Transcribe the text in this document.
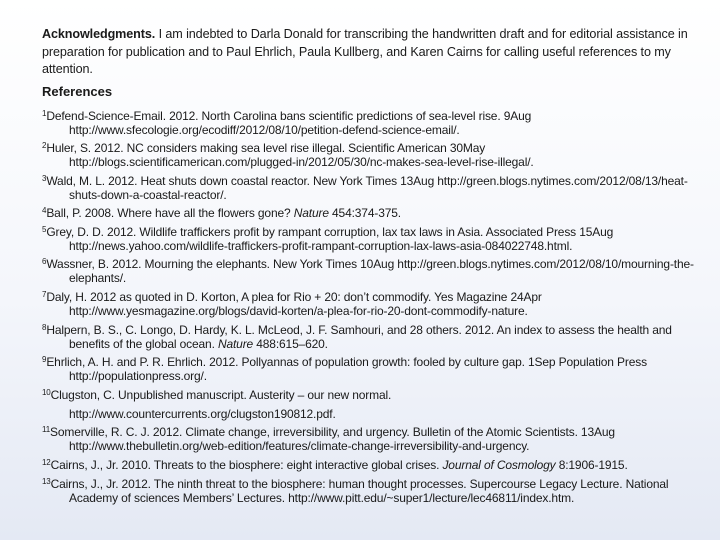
Acknowledgments. I am indebted to Darla Donald for transcribing the handwritten draft and for editorial assistance in preparation for publication and to Paul Ehrlich, Paula Kullberg, and Karen Cairns for calling useful references to my attention.

References

$^1$Defend-Science-Email. 2012. North Carolina bans scientific predictions of sea-level rise. 9Aug http://www.sfecologie.org/ecodiff/2012/08/10/petition-defend-science-email/.

$^2$Huler, S. 2012. NC considers making sea level rise illegal. Scientific American 30May http://blogs.scientificamerican.com/plugged-in/2012/05/30/nc-makes-sea-level-rise-illegal/.

$^3$Wald, M. L. 2012. Heat shuts down coastal reactor. New York Times 13Aug http://green.blogs.nytimes.com/2012/08/13/heat-shuts-down-a-coastal-reactor/.

$^4$Ball, P. 2008. Where have all the flowers gone? Nature 454:374-375.

$^5$Grey, D. D. 2012. Wildlife traffickers profit by rampant corruption, lax tax laws in Asia. Associated Press 15Aug http://news.yahoo.com/wildlife-traffickers-profit-rampant-corruption-lax-laws-asia-084022748.html.

$^6$Wassner, B. 2012. Mourning the elephants. New York Times 10Aug http://green.blogs.nytimes.com/2012/08/10/mourning-the-elephants/.

$^7$Daly, H. 2012 as quoted in D. Korton, A plea for Rio + 20: don’t commodify. Yes Magazine 24Apr http://www.yesmagazine.org/blogs/david-korten/a-plea-for-rio-20-dont-commodify-nature.

$^8$Halpern, B. S., C. Longo, D. Hardy, K. L. McLeod, J. F. Samhouri, and 28 others. 2012. An index to assess the health and benefits of the global ocean. Nature 488:615–620.

$^9$Ehrlich, A. H. and P. R. Ehrlich. 2012. Pollyannas of population growth: fooled by culture gap. 1Sep Population Press http://populationpress.org/.

$^{10}$Clugston, C. Unpublished manuscript. Austerity – our new normal.
http://www.countercurrents.org/clugston190812.pdf.

$^{11}$Somerville, R. C. J. 2012. Climate change, irreversibility, and urgency. Bulletin of the Atomic Scientists. 13Aug http://www.thebulletin.org/web-edition/features/climate-change-irreversibility-and-urgency.

$^{12}$Cairns, J., Jr. 2010. Threats to the biosphere: eight interactive global crises. Journal of Cosmology 8:1906-1915.

$^{13}$Cairns, J., Jr. 2012. The ninth threat to the biosphere: human thought processes. Supercourse Legacy Lecture. National Academy of sciences Members’ Lectures. http://www.pitt.edu/~super1/lecture/lec46811/index.htm.
